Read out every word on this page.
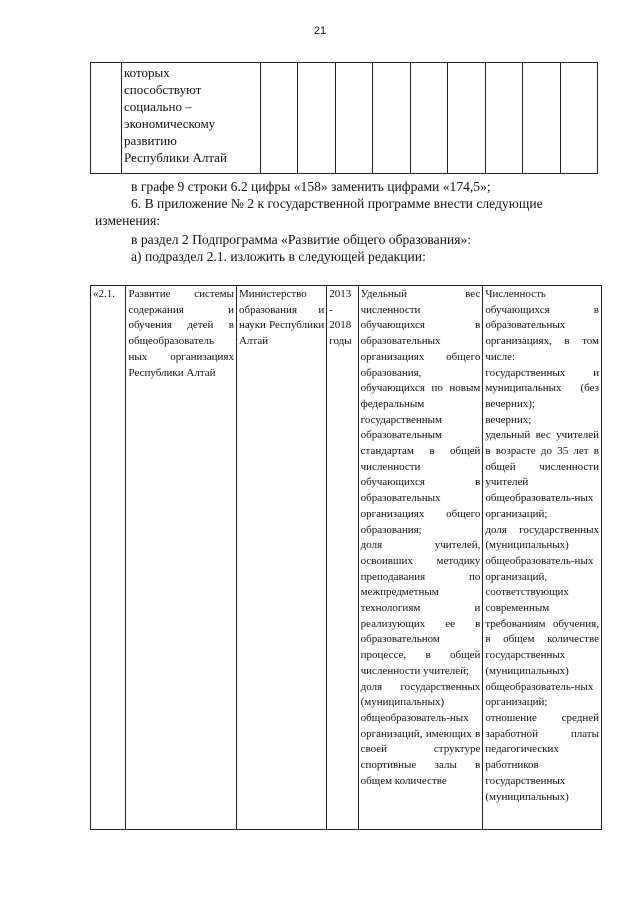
21
	которых
способствуют
социально –
экономическому
развитию
Республики Алтай									
в графе 9 строки 6.2 цифры «158» заменить цифрами «174,5»;
6. В приложение № 2 к государственной программе внести следующие
изменения:
в раздел 2 Подпрограмма «Развитие общего образования»:
а) подраздел 2.1. изложить в следующей редакции:
«2.1.	Развитие системы содержания и обучения детей в общеобразователь ных организациях Республики Алтай	Министерство образования и науки Республики Алтай	2013 - 2018 годы	Удельный вес численности обучающихся в образовательных организациях общего образования, обучающихся по новым федеральным государственным образовательным стандартам в общей численности обучающихся в образовательных организациях общего образования;
доля учителей, освоивших методику преподавания по межпредметным технологиям и реализующих ее в образовательном процессе, в общей численности учителей;
доля государственных (муниципальных) общеобразователь-ных организаций, имеющих в своей структуре спортивные залы в общем количестве	Численность обучающихся в образовательных организациях, в том числе:
государственных и муниципальных (без вечерних);
вечерних;
удельный вес учителей в возрасте до 35 лет в общей численности учителей общеобразователь-ных организаций;
доля государственных (муниципальных) общеобразователь-ных организаций, соответствующих современным требованиям обучения, в общем количестве государственных (муниципальных) общеобразователь-ных организаций;
отношение средней заработной платы педагогических работников государственных (муниципальных)
